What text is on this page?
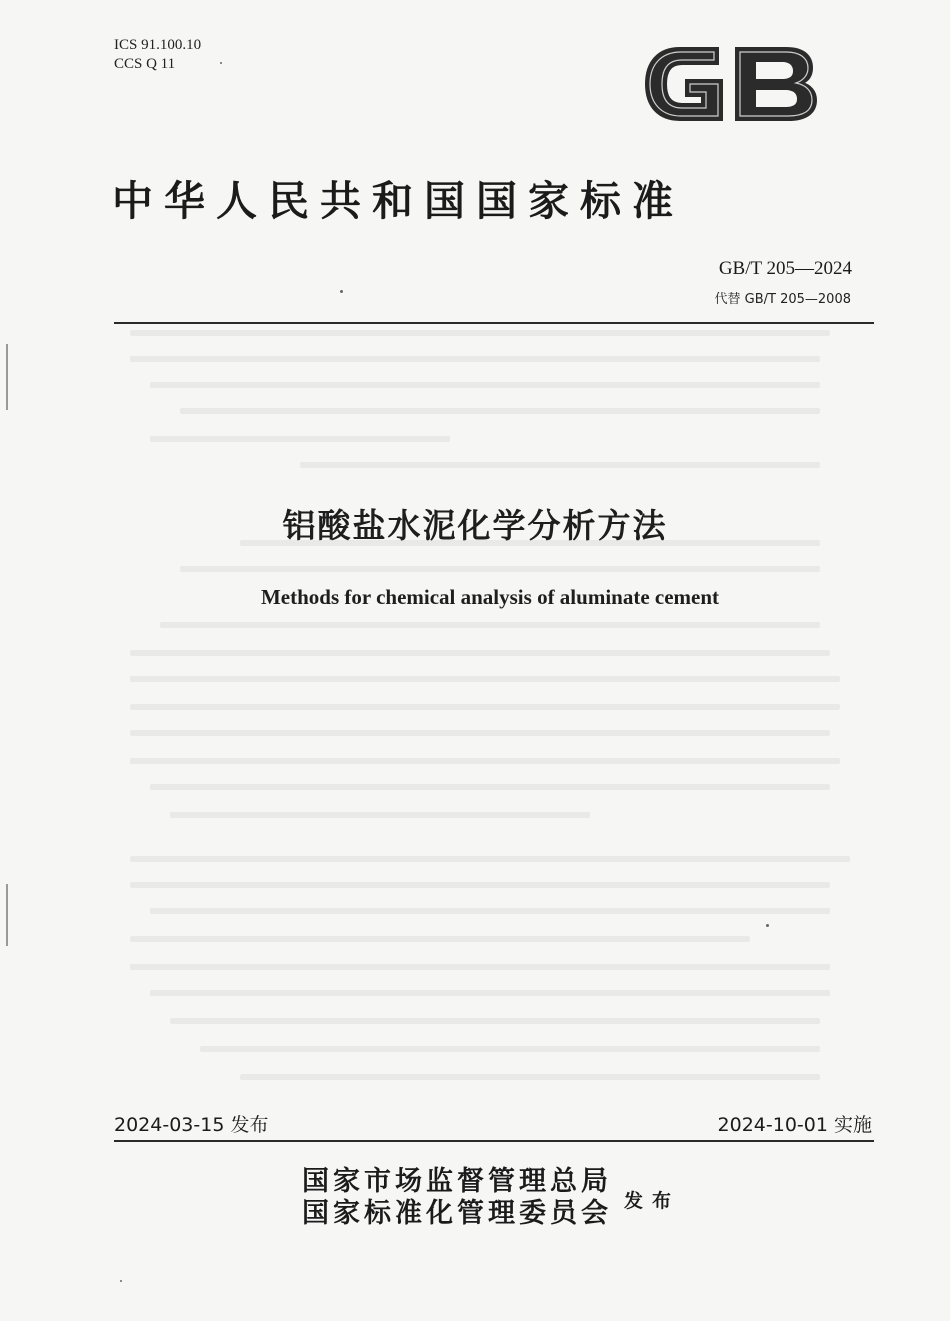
ICS 91.100.10
CCS Q 11
中华人民共和国国家标准
GB/T 205—2024
代替 GB/T 205—2008
铝酸盐水泥化学分析方法
Methods for chemical analysis of aluminate cement
2024-03-15 发布	2024-10-01 实施
国家市场监督管理总局
国家标准化管理委员会 发布
